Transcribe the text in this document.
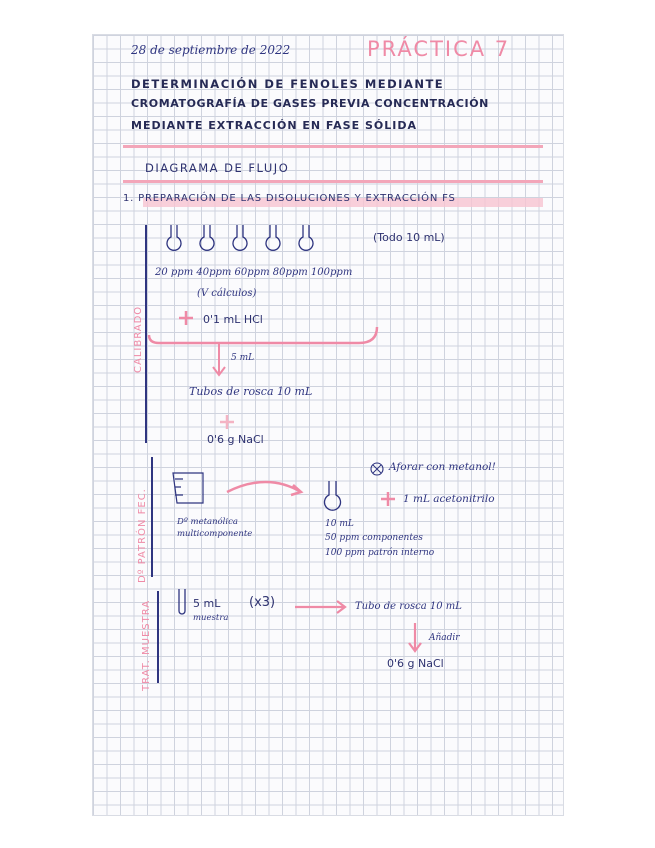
28 de septiembre de 2022	PRÁCTICA 7
DETERMINACIÓN DE FENOLES MEDIANTE
CROMATOGRAFÍA DE GASES PREVIA CONCENTRACIÓN
MEDIANTE EXTRACCIÓN EN FASE SÓLIDA
DIAGRAMA DE FLUJO
1. PREPARACIÓN DE LAS DISOLUCIONES Y EXTRACCIÓN FS
CALIBRADO
(Todo 10 mL)
20 ppm 40ppm 60ppm 80ppm 100ppm
(V cálculos)
0'1 mL HCl
5 mL
Tubos de rosca 10 mL
0'6 g NaCl
Dº PATRÓN FEC.
Aforar con metanol!
Dº metanólica
multicomponente
10 mL
50 ppm componentes
100 ppm patrón interno
1 mL acetonitrilo
TRAT. MUESTRA	5 mL
muestra
(x3)	Tubo de rosca 10 mL
Añadir
0'6 g NaCl
